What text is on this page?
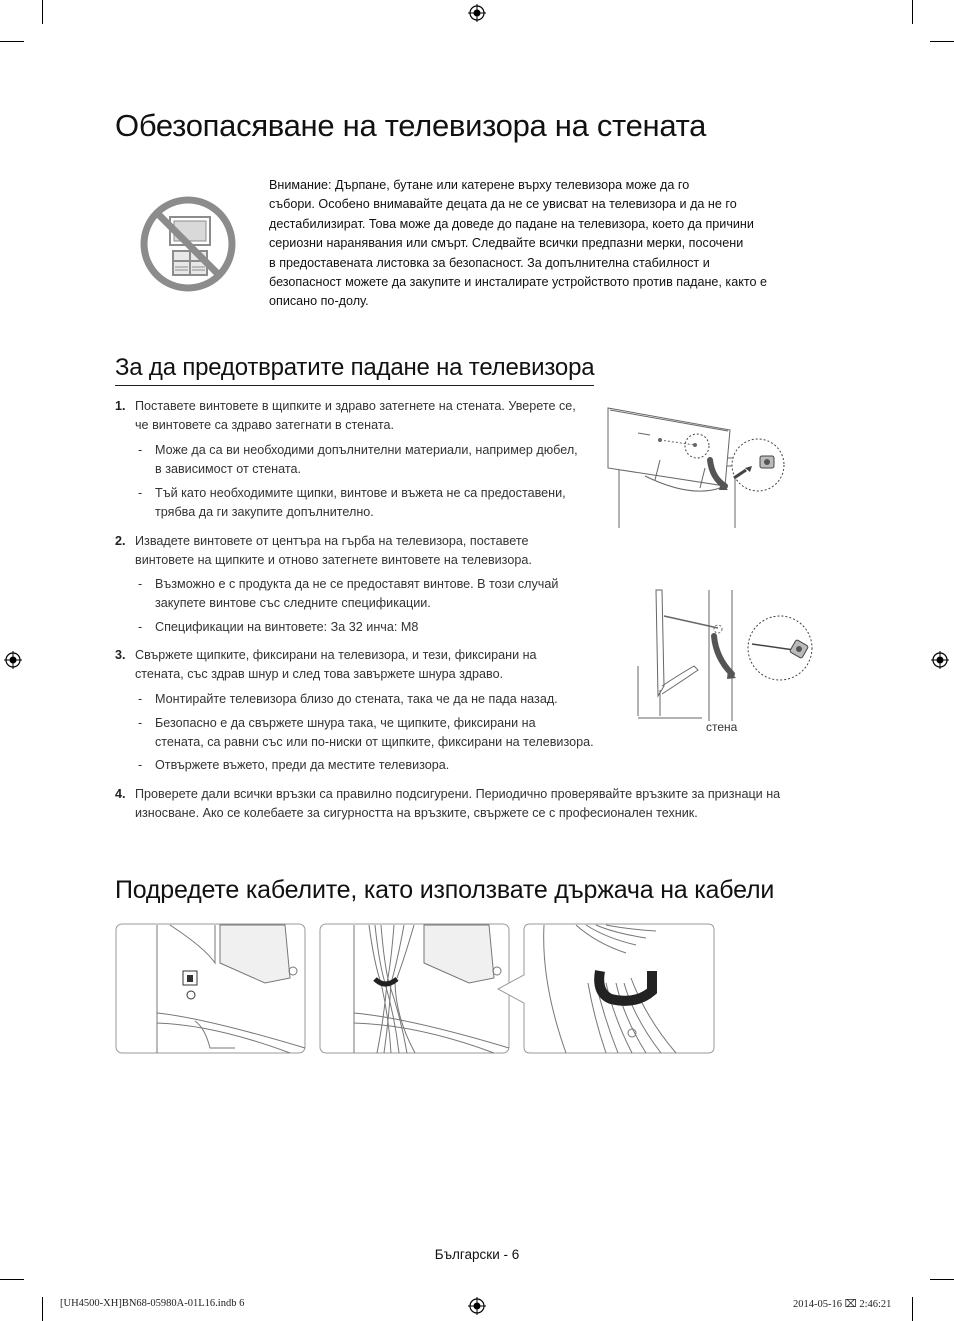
Обезопасяване на телевизора на стената
Внимание: Дърпане, бутане или катерене върху телевизора може да го
събори. Особено внимавайте децата да не се увисват на телевизора и да не го
дестабилизират. Това може да доведе до падане на телевизора, което да причини
сериозни наранявания или смърт. Следвайте всички предпазни мерки, посочени
в предоставената листовка за безопасност. За допълнителна стабилност и
безопасност можете да закупите и инсталирате устройството против падане, както е
описано по-долу.
За да предотвратите падане на телевизора
1. Поставете винтовете в щипките и здраво затегнете на стената. Уверете се,
че винтовете са здраво затегнати в стената.
- Може да са ви необходими допълнителни материали, например дюбел,
в зависимост от стената.
- Тъй като необходимите щипки, винтове и въжета не са предоставени,
трябва да ги закупите допълнително.
2. Извадете винтовете от центъра на гърба на телевизора, поставете
винтовете на щипките и отново затегнете винтовете на телевизора.
- Възможно е с продукта да не се предоставят винтове. В този случай
закупете винтове със следните спецификации.
- Спецификации на винтовете: За 32 инча: M8
3. Свържете щипките, фиксирани на телевизора, и тези, фиксирани на
стената, със здрав шнур и след това завържете шнура здраво.
- Монтирайте телевизора близо до стената, така че да не пада назад.
- Безопасно е да свържете шнура така, че щипките, фиксирани на
стената, са равни със или по-ниски от щипките, фиксирани на телевизора.
- Отвържете въжето, преди да местите телевизора.
4. Проверете дали всички връзки са правилно подсигурени. Периодично проверявайте връзките за признаци на
износване. Ако се колебаете за сигурността на връзките, свържете се с професионален техник.
стена
Подредете кабелите, като използвате държача на кабели
Български - 6
[UH4500-XH]BN68-05980A-01L16.indb 6	2014-05-16 ⌧ 2:46:21
